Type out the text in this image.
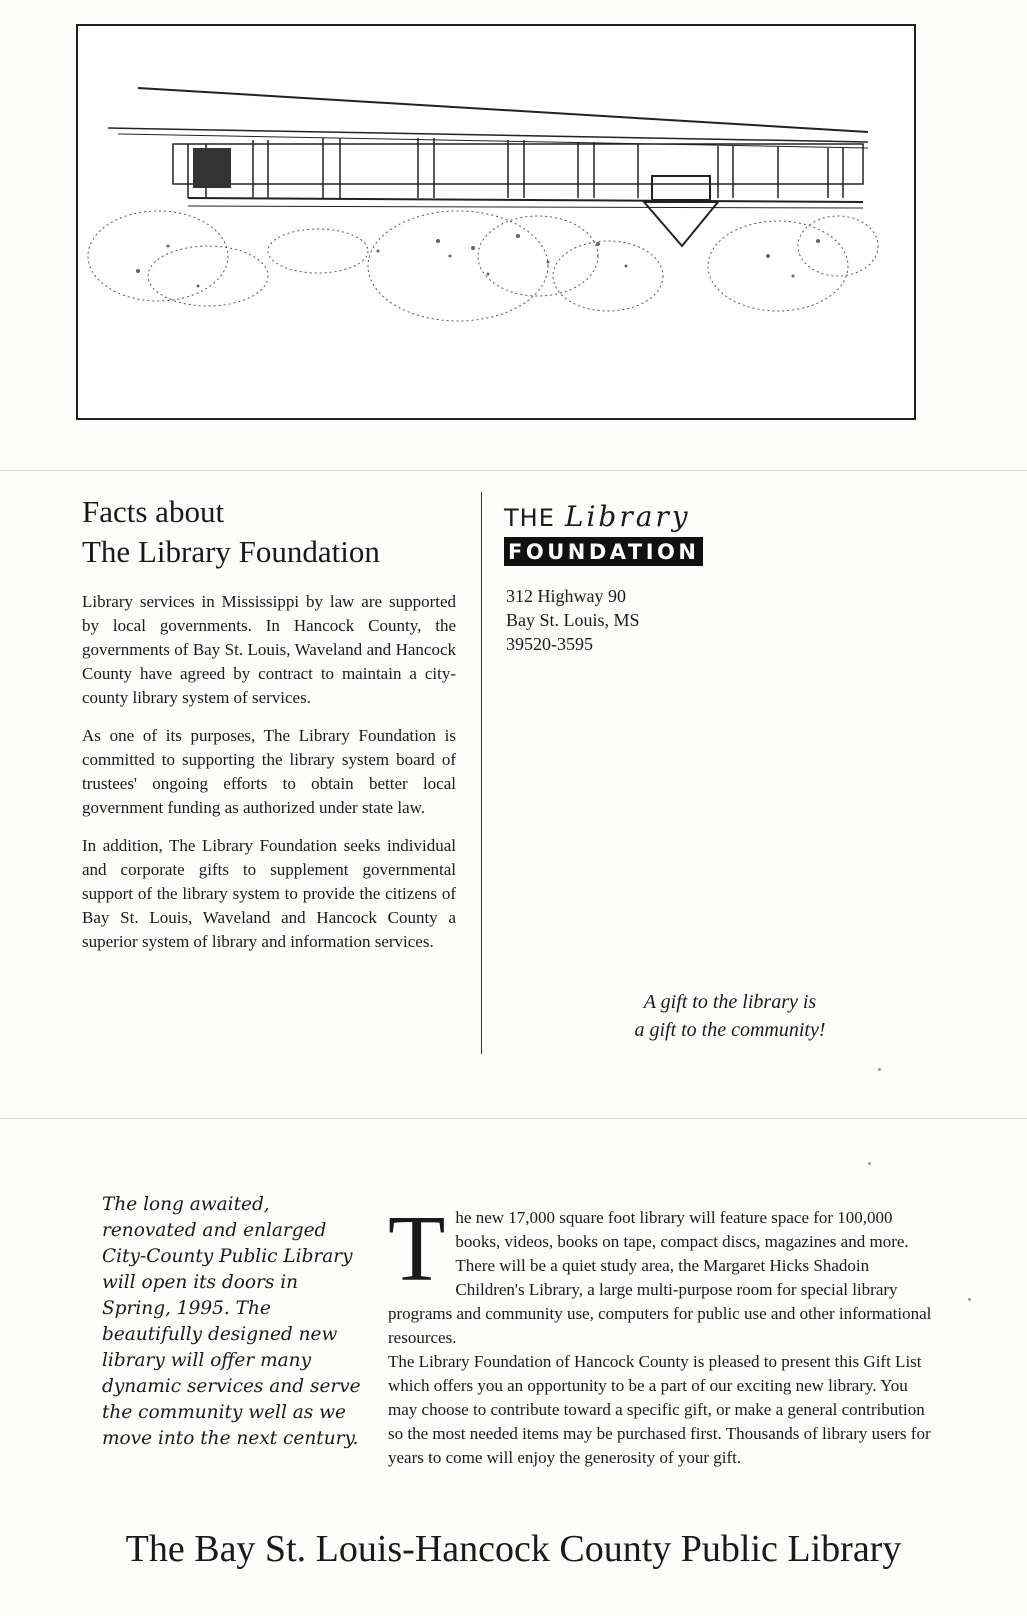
Facts about
The Library Foundation

Library services in Mississippi by law are supported by local governments. In Hancock County, the governments of Bay St. Louis, Waveland and Hancock County have agreed by contract to maintain a city-county library system of services.

As one of its purposes, The Library Foundation is committed to supporting the library system board of trustees' ongoing efforts to obtain better local government funding as authorized under state law.

In addition, The Library Foundation seeks individual and corporate gifts to supplement governmental support of the library system to provide the citizens of Bay St. Louis, Waveland and Hancock County a superior system of library and information services.

THE Library
FOUNDATION
312 Highway 90
Bay St. Louis, MS
39520-3595
A gift to the library is
a gift to the community!

The long awaited, renovated and enlarged City-County Public Library will open its doors in Spring, 1995. The beautifully designed new library will offer many dynamic services and serve the community well as we move into the next century.

The new 17,000 square foot library will feature space for 100,000 books, videos, books on tape, compact discs, magazines and more. There will be a quiet study area, the Margaret Hicks Shadoin Children's Library, a large multi-purpose room for special library programs and community use, computers for public use and other informational resources.

The Library Foundation of Hancock County is pleased to present this Gift List which offers you an opportunity to be a part of our exciting new library. You may choose to contribute toward a specific gift, or make a general contribution so the most needed items may be purchased first. Thousands of library users for years to come will enjoy the generosity of your gift.

The Bay St. Louis-Hancock County Public Library
